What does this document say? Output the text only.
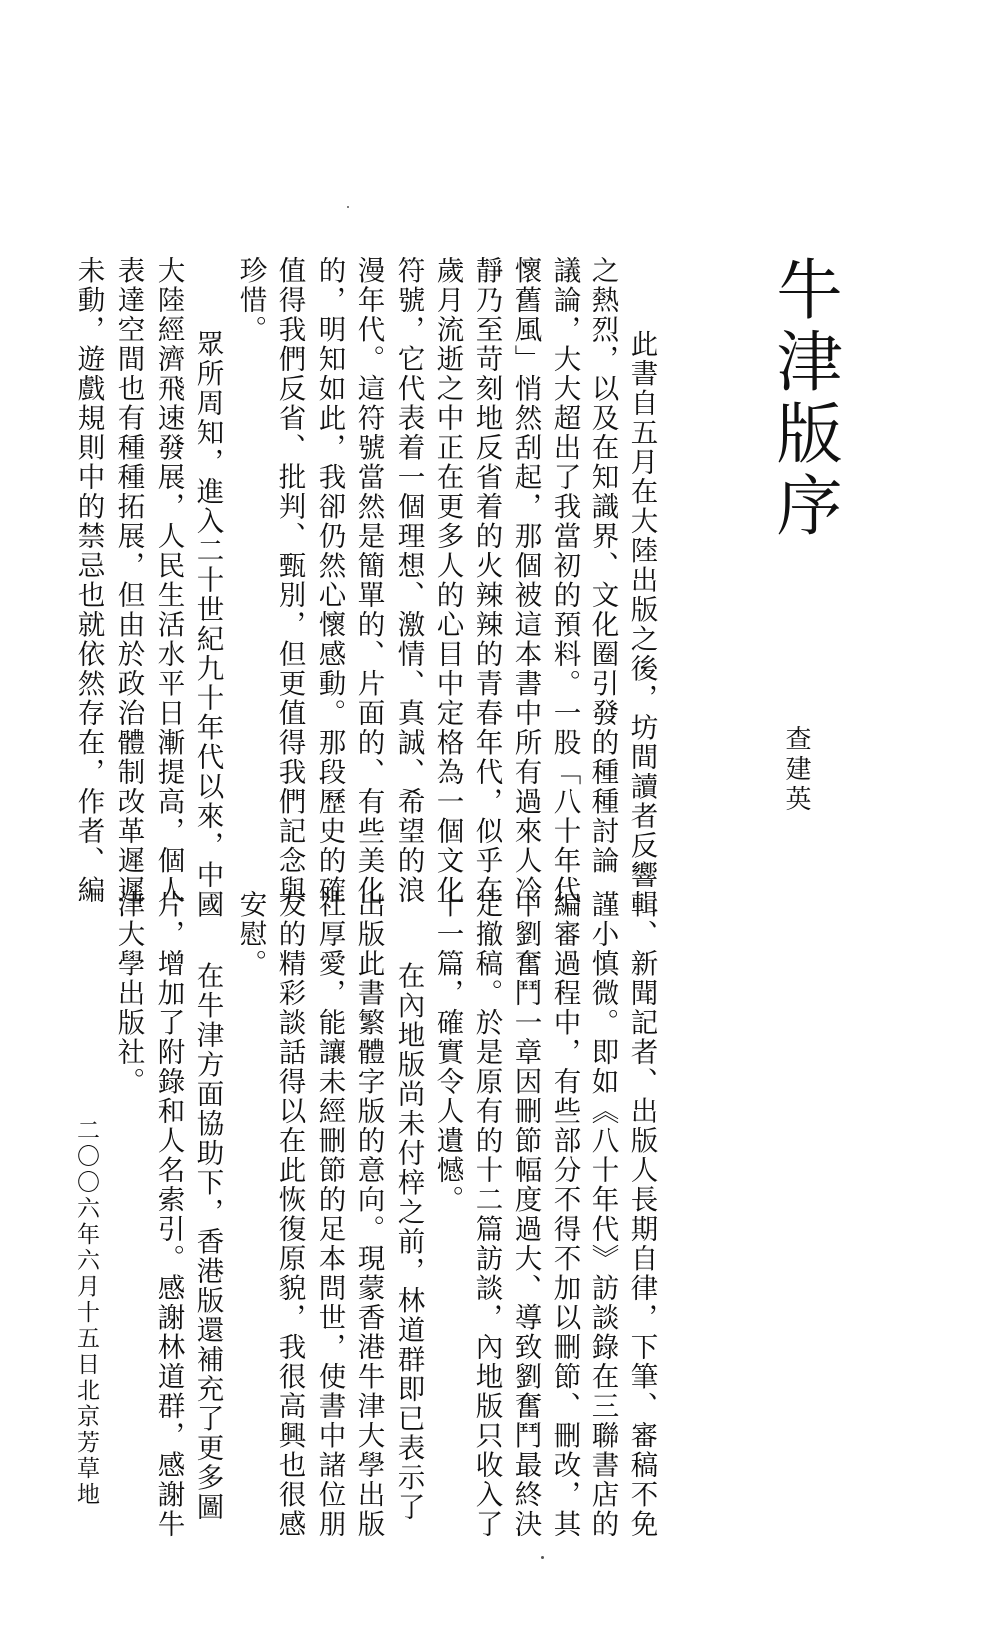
牛津版序
查建英
　此書自五月在大陸出版之後，坊間讀者反響
之熱烈，以及在知識界、文化圈引發的種種討論
議論，大大超出了我當初的預料。一股「八十年代
懷舊風」悄然刮起，那個被這本書中所有過來人冷
靜乃至苛刻地反省着的火辣辣的青春年代，似乎在
歲月流逝之中正在更多人的心目中定格為一個文化
符號，它代表着一個理想、激情、真誠、希望的浪
漫年代。這符號當然是簡單的、片面的、有些美化
的，明知如此，我卻仍然心懷感動。那段歷史的確
值得我們反省、批判、甄別，但更值得我們記念與
珍惜。
　眾所周知，進入二十世紀九十年代以來，中國
大陸經濟飛速發展，人民生活水平日漸提高，個人
表達空間也有種種拓展，但由於政治體制改革遲遲
未動，遊戲規則中的禁忌也就依然存在，作者、編
輯、新聞記者、出版人長期自律，下筆、審稿不免
謹小慎微。即如《八十年代》訪談錄在三聯書店的
編審過程中，有些部分不得不加以刪節、刪改，其
中劉奮鬥一章因刪節幅度過大、導致劉奮鬥最終決
定撤稿。於是原有的十二篇訪談，內地版只收入了
十一篇，確實令人遺憾。
　在內地版尚未付梓之前，林道群即已表示了
出版此書繁體字版的意向。現蒙香港牛津大學出版
社厚愛，能讓未經刪節的足本問世，使書中諸位朋
友的精彩談話得以在此恢復原貌，我很高興也很感
安慰。
　在牛津方面協助下，香港版還補充了更多圖
片，增加了附錄和人名索引。感謝林道群，感謝牛
津大學出版社。
二〇〇六年六月十五日北京芳草地
